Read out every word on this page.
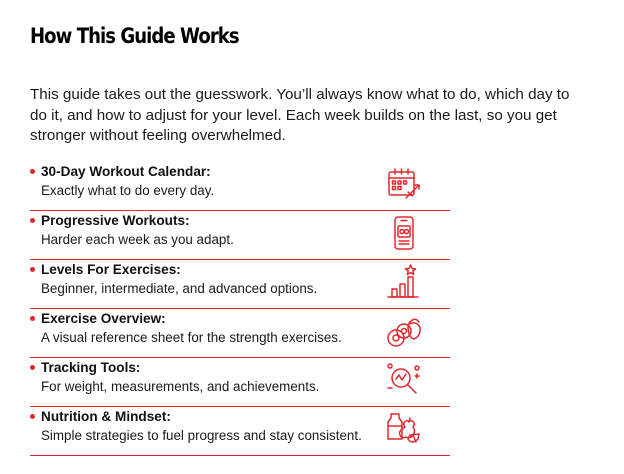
How This Guide Works

This guide takes out the guesswork. You’ll always know what to do, which day to do it, and how to adjust for your level. Each week builds on the last, so you get stronger without feeling overwhelmed.

30-Day Workout Calendar:
Exactly what to do every day.
Progressive Workouts:
Harder each week as you adapt.
Levels For Exercises:
Beginner, intermediate, and advanced options.
Exercise Overview:
A visual reference sheet for the strength exercises.
Tracking Tools:
For weight, measurements, and achievements.
Nutrition & Mindset:
Simple strategies to fuel progress and stay consistent.
